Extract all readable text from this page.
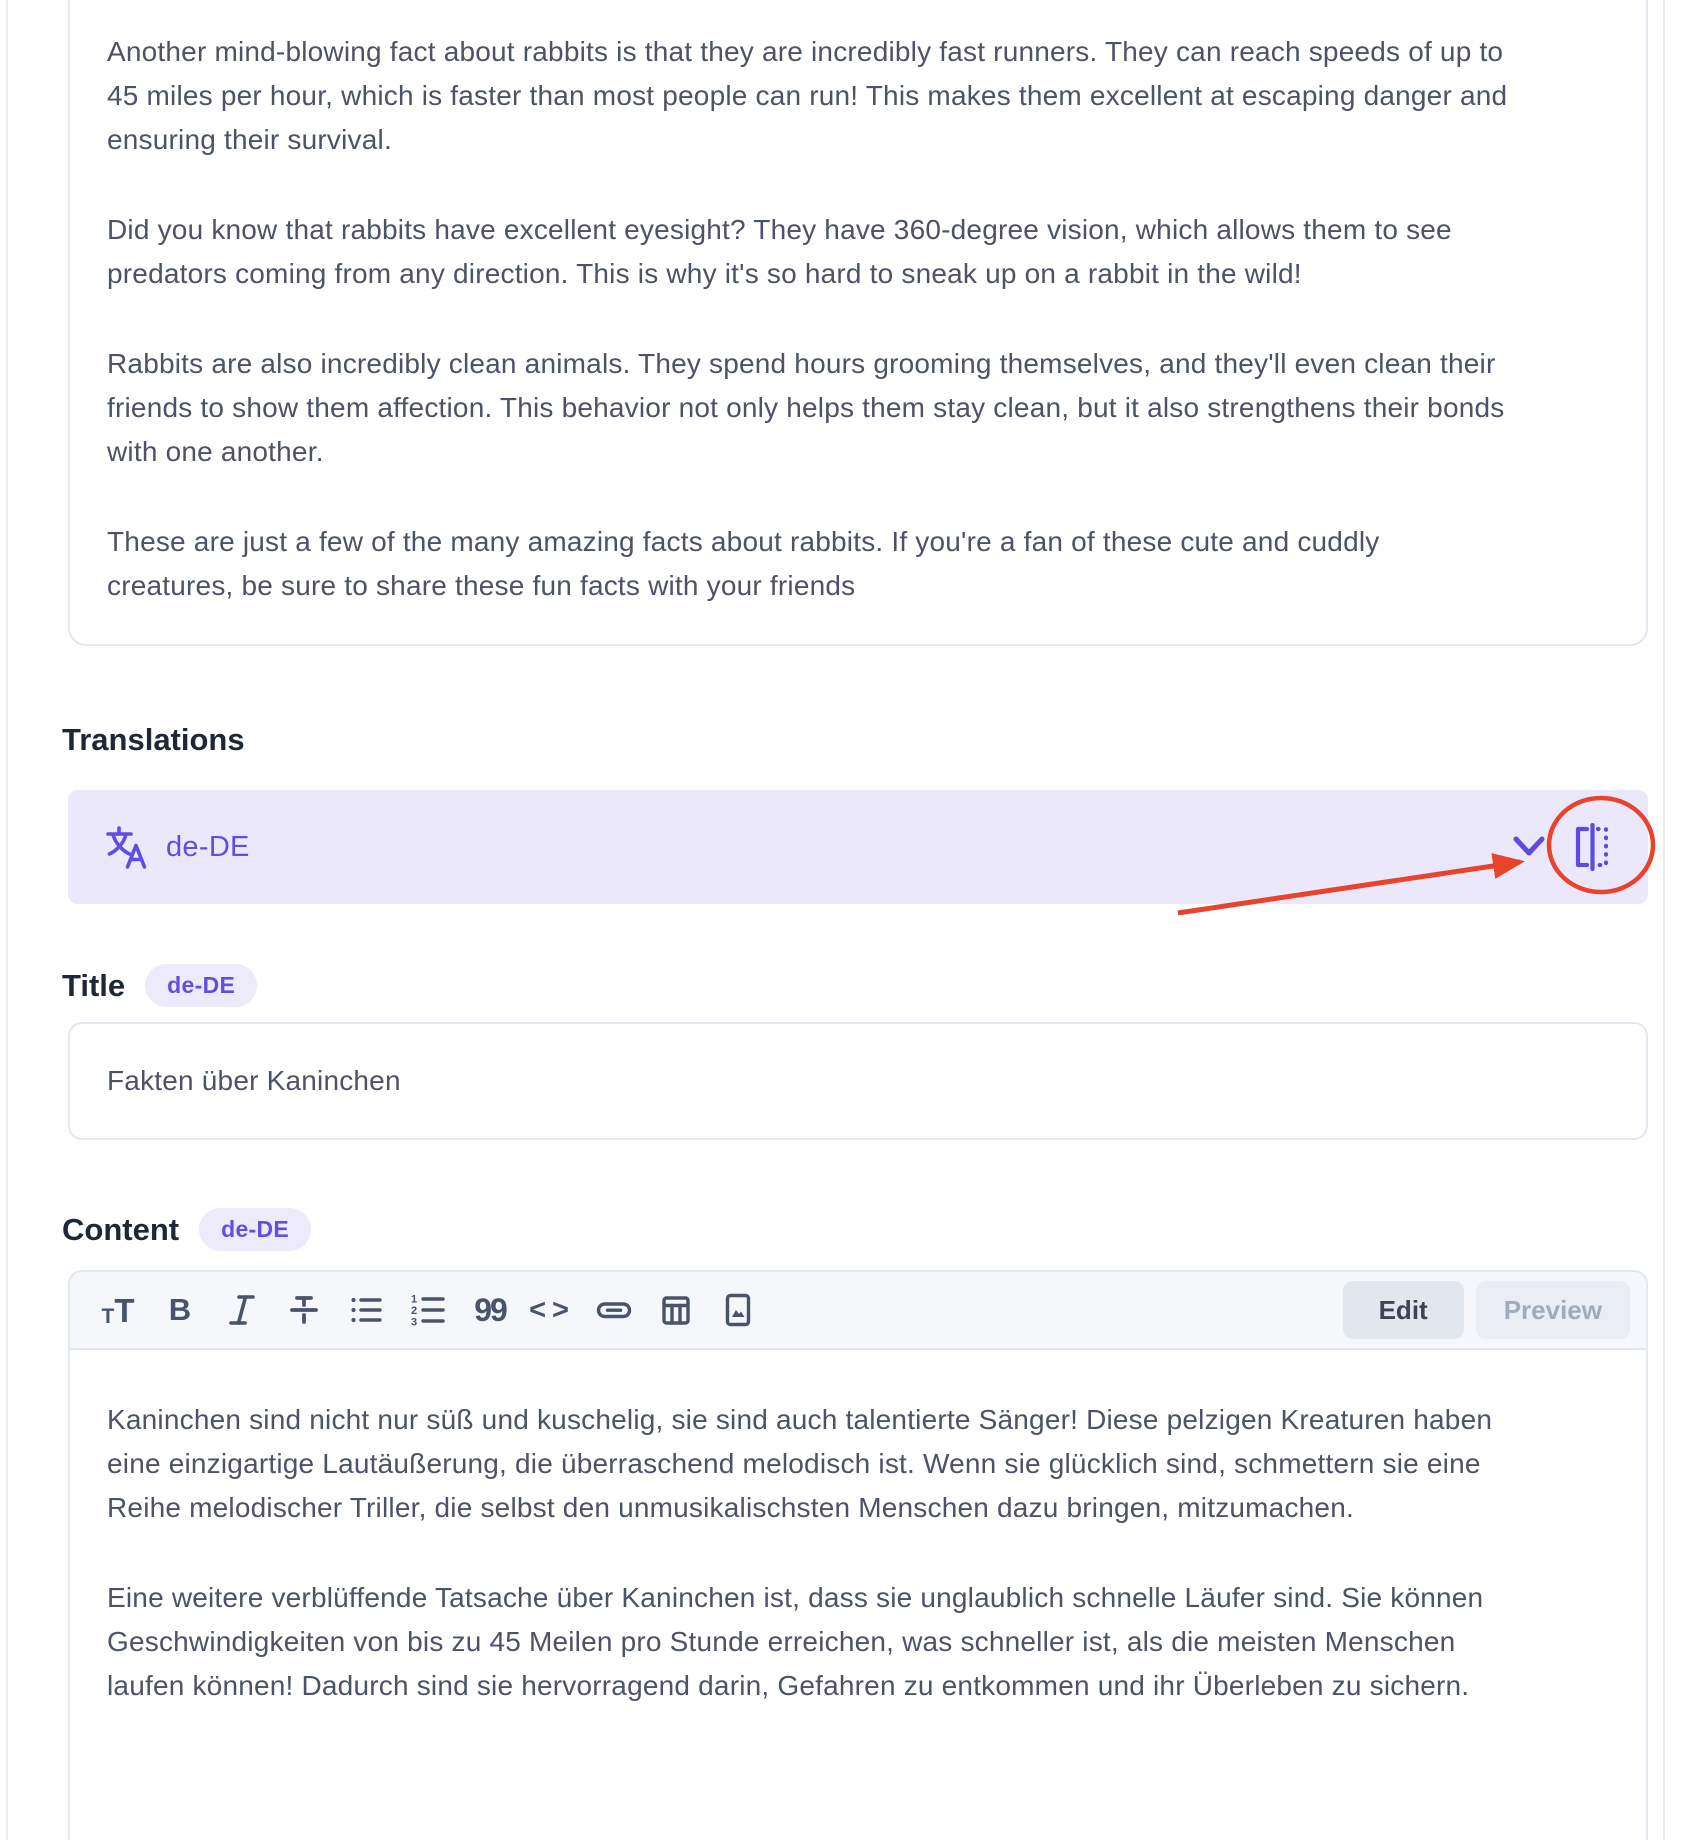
Another mind-blowing fact about rabbits is that they are incredibly fast runners. They can reach speeds of up to 45 miles per hour, which is faster than most people can run! This makes them excellent at escaping danger and ensuring their survival.

Did you know that rabbits have excellent eyesight? They have 360-degree vision, which allows them to see predators coming from any direction. This is why it's so hard to sneak up on a rabbit in the wild!

Rabbits are also incredibly clean animals. They spend hours grooming themselves, and they'll even clean their friends to show them affection. This behavior not only helps them stay clean, but it also strengthens their bonds with one another.

These are just a few of the many amazing facts about rabbits. If you're a fan of these cute and cuddly creatures, be sure to share these fun facts with your friends

Translations
de-DE
Title	de-DE
Fakten über Kaninchen
Content	de-DE
T T B	1
2
3 99 <>	Edit	Preview

Kaninchen sind nicht nur süß und kuschelig, sie sind auch talentierte Sänger! Diese pelzigen Kreaturen haben eine einzigartige Lautäußerung, die überraschend melodisch ist. Wenn sie glücklich sind, schmettern sie eine Reihe melodischer Triller, die selbst den unmusikalischsten Menschen dazu bringen, mitzumachen.

Eine weitere verblüffende Tatsache über Kaninchen ist, dass sie unglaublich schnelle Läufer sind. Sie können Geschwindigkeiten von bis zu 45 Meilen pro Stunde erreichen, was schneller ist, als die meisten Menschen laufen können! Dadurch sind sie hervorragend darin, Gefahren zu entkommen und ihr Überleben zu sichern.
